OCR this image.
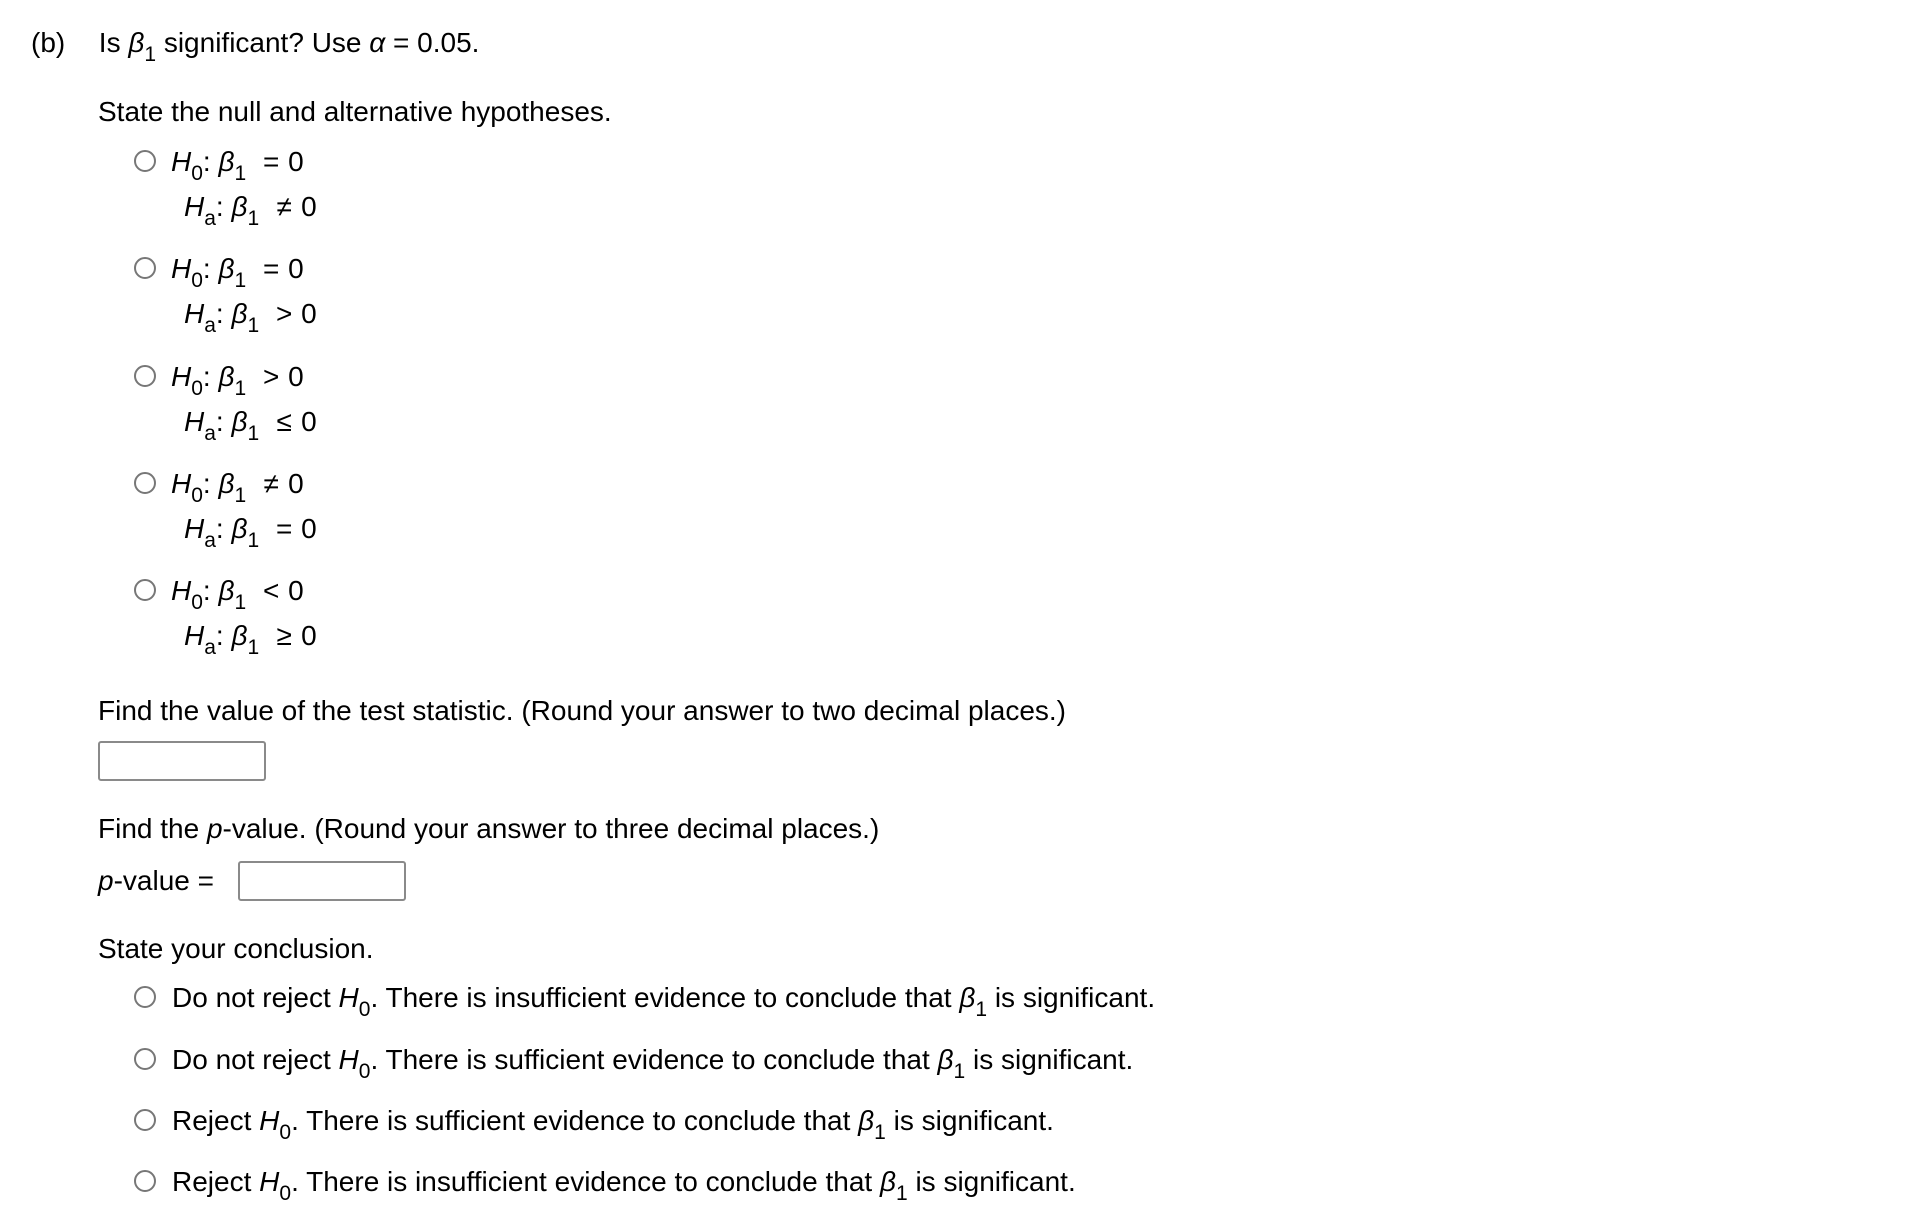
(b) Is $\beta_1$ significant? Use α = 0.05.
State the null and alternative hypotheses.
$H_0$: $\beta_1 = 0$
$H_a$: $\beta_1 \ne 0$
$H_0$: $\beta_1 = 0$
$H_a$: $\beta_1 > 0$
$H_0$: $\beta_1 > 0$
$H_a$: $\beta_1 \le 0$
$H_0$: $\beta_1 \ne 0$
$H_a$: $\beta_1 = 0$
$H_0$: $\beta_1 < 0$
$H_a$: $\beta_1 \ge 0$
Find the value of the test statistic. (Round your answer to two decimal places.)
Find the p-value. (Round your answer to three decimal places.)
p-value =
State your conclusion.
Do not reject $H_0$. There is insufficient evidence to conclude that $\beta_1$ is significant.
Do not reject $H_0$. There is sufficient evidence to conclude that $\beta_1$ is significant.
Reject $H_0$. There is sufficient evidence to conclude that $\beta_1$ is significant.
Reject $H_0$. There is insufficient evidence to conclude that $\beta_1$ is significant.
